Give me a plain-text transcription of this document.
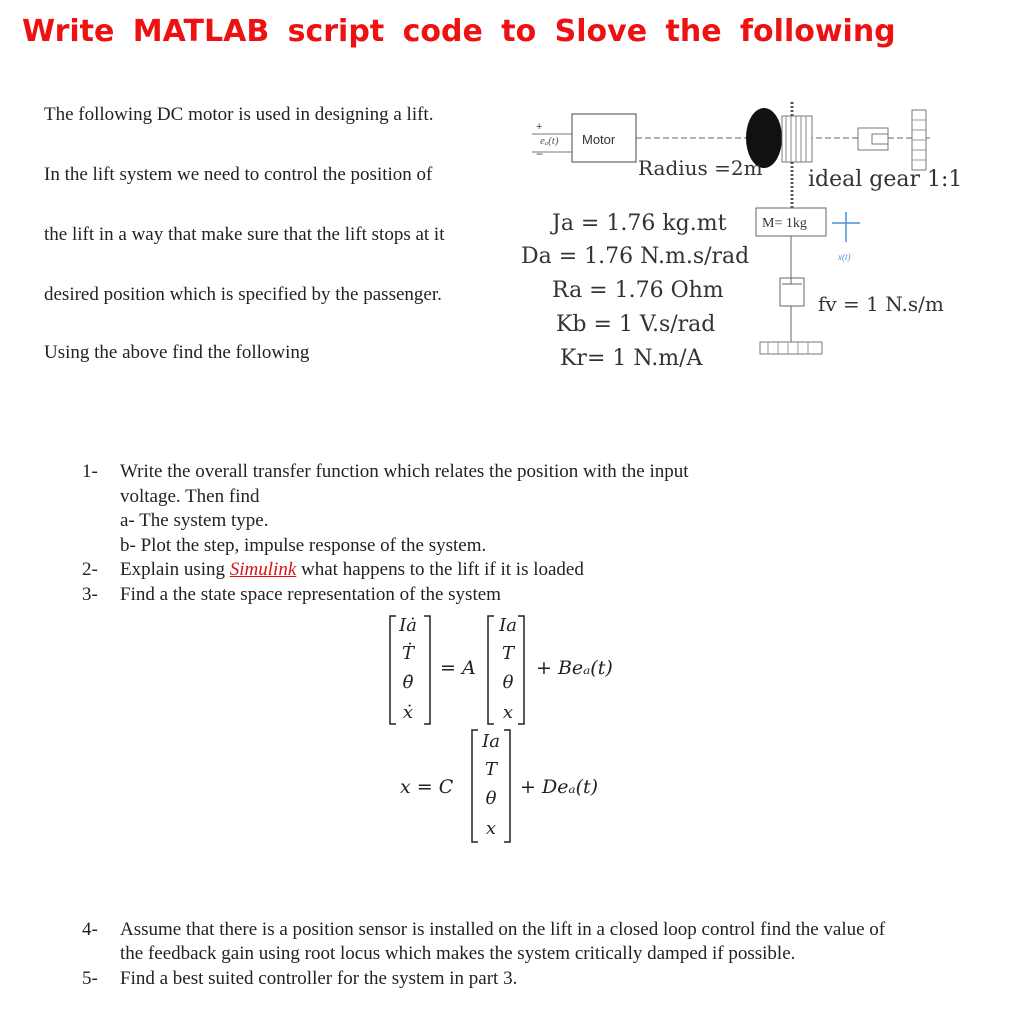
Write MATLAB script code to Slove the following
The following DC motor is used in designing a lift.
In the lift system we need to control the position of
the lift in a way that make sure that the lift stops at it
desired position which is specified by the passenger.
Using the above find the following
+
−
eₐ(t) Motor
M= 1kg
x(t)
Radius =2m ideal gear 1:1
fv = 1 N.s/m
Ja = 1.76 kg.mt
Da = 1.76 N.m.s/rad
Ra = 1.76 Ohm
Kb = 1 V.s/rad
Kr= 1 N.m/A
1- Write the overall transfer function which relates the position with the input
voltage. Then find
a- The system type.
b- Plot the step, impulse response of the system.
2- Explain using Simulink what happens to the lift if it is loaded
3- Find a the state space representation of the system
Iȧ
Ṫ
θ̇
ẋ
= A
Ia
T
θ
x
+ Beₐ(t)
x = C
Ia
T
θ
x
+ Deₐ(t)
4- Assume that there is a position sensor is installed on the lift in a closed loop control find the value of
the feedback gain using root locus which makes the system critically damped if possible.
5- Find a best suited controller for the system in part 3.
